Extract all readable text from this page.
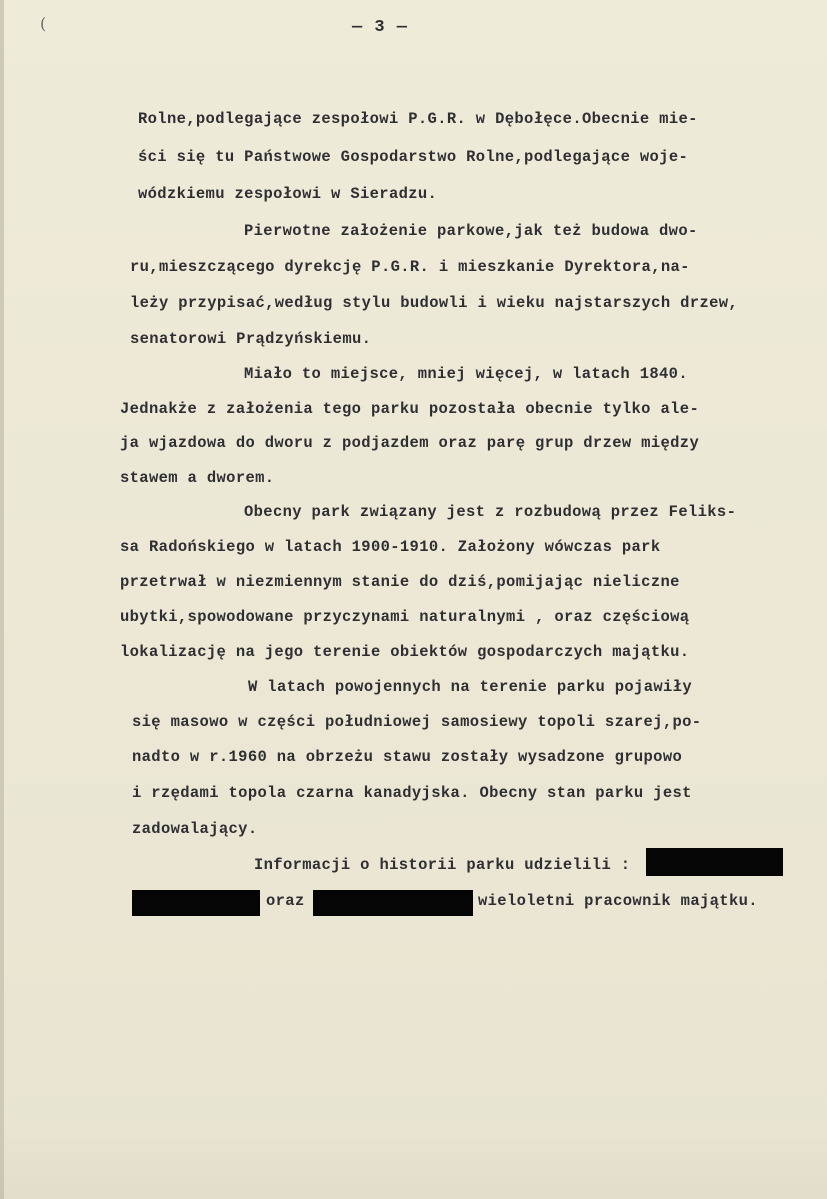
(	— 3 —
Rolne,podlegające zespołowi P.G.R. w Dębołęce.Obecnie mie-
ści się tu Państwowe Gospodarstwo Rolne,podlegające woje-
wódzkiemu zespołowi w Sieradzu.
Pierwotne założenie parkowe,jak też budowa dwo-
ru,mieszczącego dyrekcję P.G.R. i mieszkanie Dyrektora,na-
leży przypisać,według stylu budowli i wieku najstarszych drzew,
senatorowi Prądzyńskiemu.
Miało to miejsce, mniej więcej, w latach 1840.
Jednakże z założenia tego parku pozostała obecnie tylko ale-
ja wjazdowa do dworu z podjazdem oraz parę grup drzew między
stawem a dworem.
Obecny park związany jest z rozbudową przez Feliks-
sa Radońskiego w latach 1900-1910. Założony wówczas park
przetrwał w niezmiennym stanie do dziś,pomijając nieliczne
ubytki,spowodowane przyczynami naturalnymi , oraz częściową
lokalizację na jego terenie obiektów gospodarczych majątku.
W latach powojennych na terenie parku pojawiły
się masowo w części południowej samosiewy topoli szarej,po-
nadto w r.1960 na obrzeżu stawu zostały wysadzone grupowo
i rzędami topola czarna kanadyjska. Obecny stan parku jest
zadowalający.
Informacji o historii parku udzielili :
oraz	wieloletni pracownik majątku.
